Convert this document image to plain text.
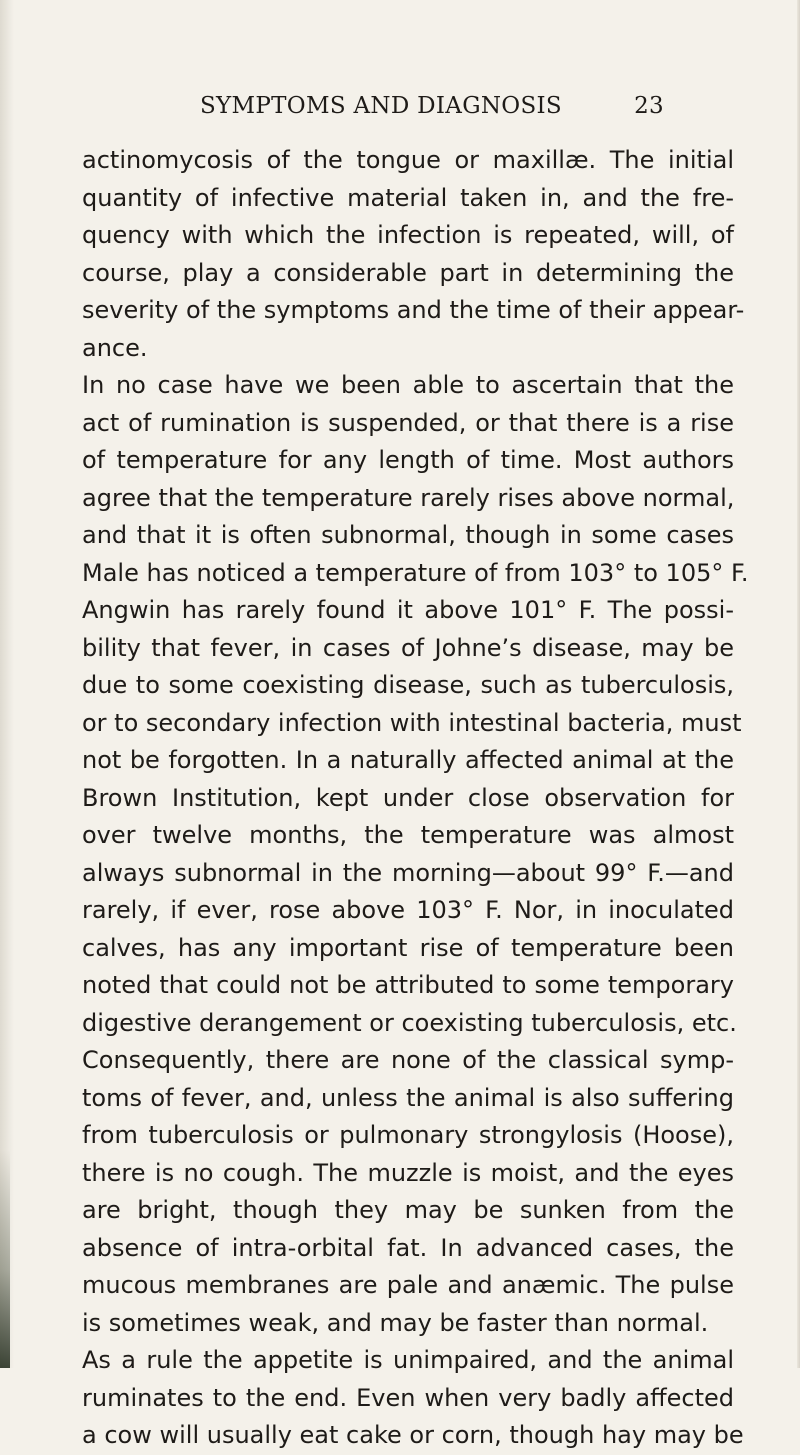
SYMPTOMS AND DIAGNOSIS	23
actinomycosis of the tongue or maxillæ. The initial
quantity of infective material taken in, and the fre-
quency with which the infection is repeated, will, of
course, play a considerable part in determining the
severity of the symptoms and the time of their appear-
ance.
In no case have we been able to ascertain that the
act of rumination is suspended, or that there is a rise
of temperature for any length of time. Most authors
agree that the temperature rarely rises above normal,
and that it is often subnormal, though in some cases
Male has noticed a temperature of from 103° to 105° F.
Angwin has rarely found it above 101° F. The possi-
bility that fever, in cases of Johne’s disease, may be
due to some coexisting disease, such as tuberculosis,
or to secondary infection with intestinal bacteria, must
not be forgotten. In a naturally affected animal at the
Brown Institution, kept under close observation for
over twelve months, the temperature was almost
always subnormal in the morning—about 99° F.—and
rarely, if ever, rose above 103° F. Nor, in inoculated
calves, has any important rise of temperature been
noted that could not be attributed to some temporary
digestive derangement or coexisting tuberculosis, etc.
Consequently, there are none of the classical symp-
toms of fever, and, unless the animal is also suffering
from tuberculosis or pulmonary strongylosis (Hoose),
there is no cough. The muzzle is moist, and the eyes
are bright, though they may be sunken from the
absence of intra-orbital fat. In advanced cases, the
mucous membranes are pale and anæmic. The pulse
is sometimes weak, and may be faster than normal.
As a rule the appetite is unimpaired, and the animal
ruminates to the end. Even when very badly affected
a cow will usually eat cake or corn, though hay may be
